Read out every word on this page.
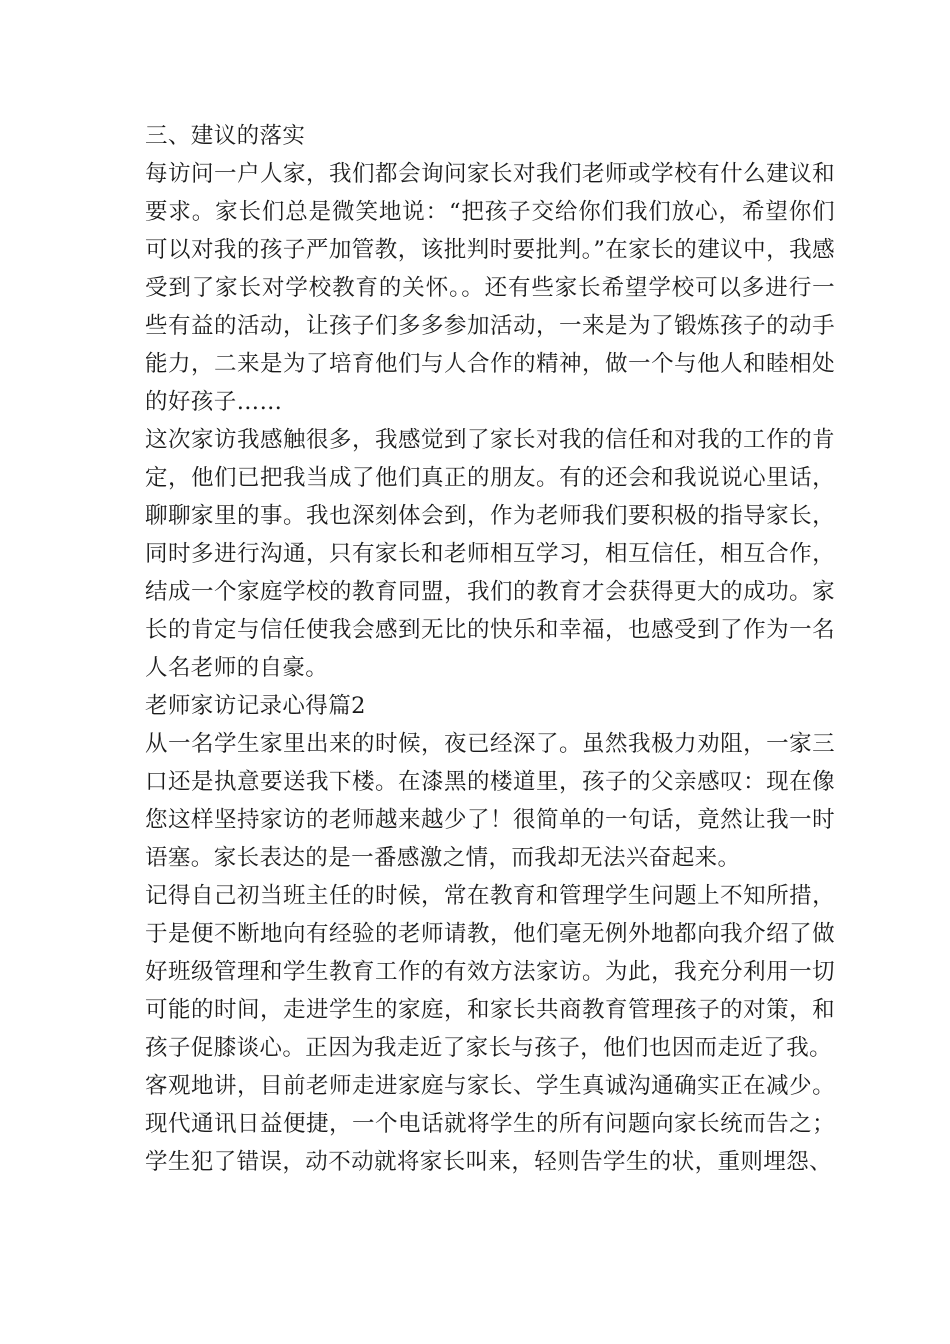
三、建议的落实

每访问一户人家，我们都会询问家长对我们老师或学校有什么建议和要求。家长们总是微笑地说：“把孩子交给你们我们放心，希望你们可以对我的孩子严加管教，该批判时要批判。”在家长的建议中，我感受到了家长对学校教育的关怀。。还有些家长希望学校可以多进行一些有益的活动，让孩子们多多参加活动，一来是为了锻炼孩子的动手能力，二来是为了培育他们与人合作的精神，做一个与他人和睦相处的好孩子……

这次家访我感触很多，我感觉到了家长对我的信任和对我的工作的肯定，他们已把我当成了他们真正的朋友。有的还会和我说说心里话，聊聊家里的事。我也深刻体会到，作为老师我们要积极的指导家长，同时多进行沟通，只有家长和老师相互学习，相互信任，相互合作，结成一个家庭学校的教育同盟，我们的教育才会获得更大的成功。家长的肯定与信任使我会感到无比的快乐和幸福，也感受到了作为一名人名老师的自豪。

老师家访记录心得篇2

从一名学生家里出来的时候，夜已经深了。虽然我极力劝阻，一家三口还是执意要送我下楼。在漆黑的楼道里，孩子的父亲感叹：现在像您这样坚持家访的老师越来越少了！很简单的一句话，竟然让我一时语塞。家长表达的是一番感激之情，而我却无法兴奋起来。

记得自己初当班主任的时候，常在教育和管理学生问题上不知所措，于是便不断地向有经验的老师请教，他们毫无例外地都向我介绍了做好班级管理和学生教育工作的有效方法家访。为此，我充分利用一切可能的时间，走进学生的家庭，和家长共商教育管理孩子的对策，和孩子促膝谈心。正因为我走近了家长与孩子，他们也因而走近了我。

客观地讲，目前老师走进家庭与家长、学生真诚沟通确实正在减少。现代通讯日益便捷，一个电话就将学生的所有问题向家长统而告之；学生犯了错误，动不动就将家长叫来，轻则告学生的状，重则埋怨、
